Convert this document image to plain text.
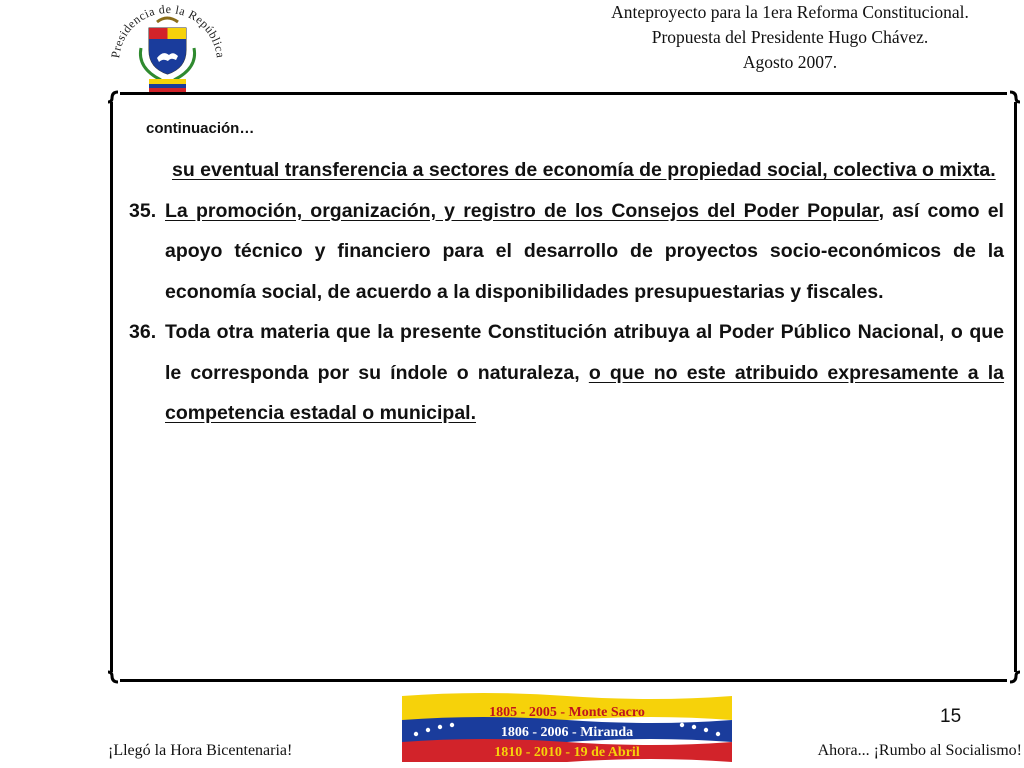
Presidencia de la República
Anteproyecto para la 1era Reforma Constitucional.
Propuesta del Presidente Hugo Chávez.
Agosto 2007.
continuación…

su eventual transferencia a sectores de economía de propiedad social, colectiva o mixta.

35. La promoción, organización, y registro de los Consejos del Poder Popular, así como el apoyo técnico y financiero para el desarrollo de proyectos socio-económicos de la economía social, de acuerdo a la disponibilidades presupuestarias y fiscales.

36. Toda otra materia que la presente Constitución atribuya al Poder Público Nacional, o que le corresponda por su índole o naturaleza, o que no este atribuido expresamente a la competencia estadal o municipal.

15
1805 - 2005 - Monte Sacro
1806 - 2006 - Miranda
1810 - 2010 - 19 de Abril
¡Llegó la Hora Bicentenaria!	Ahora... ¡Rumbo al Socialismo!
